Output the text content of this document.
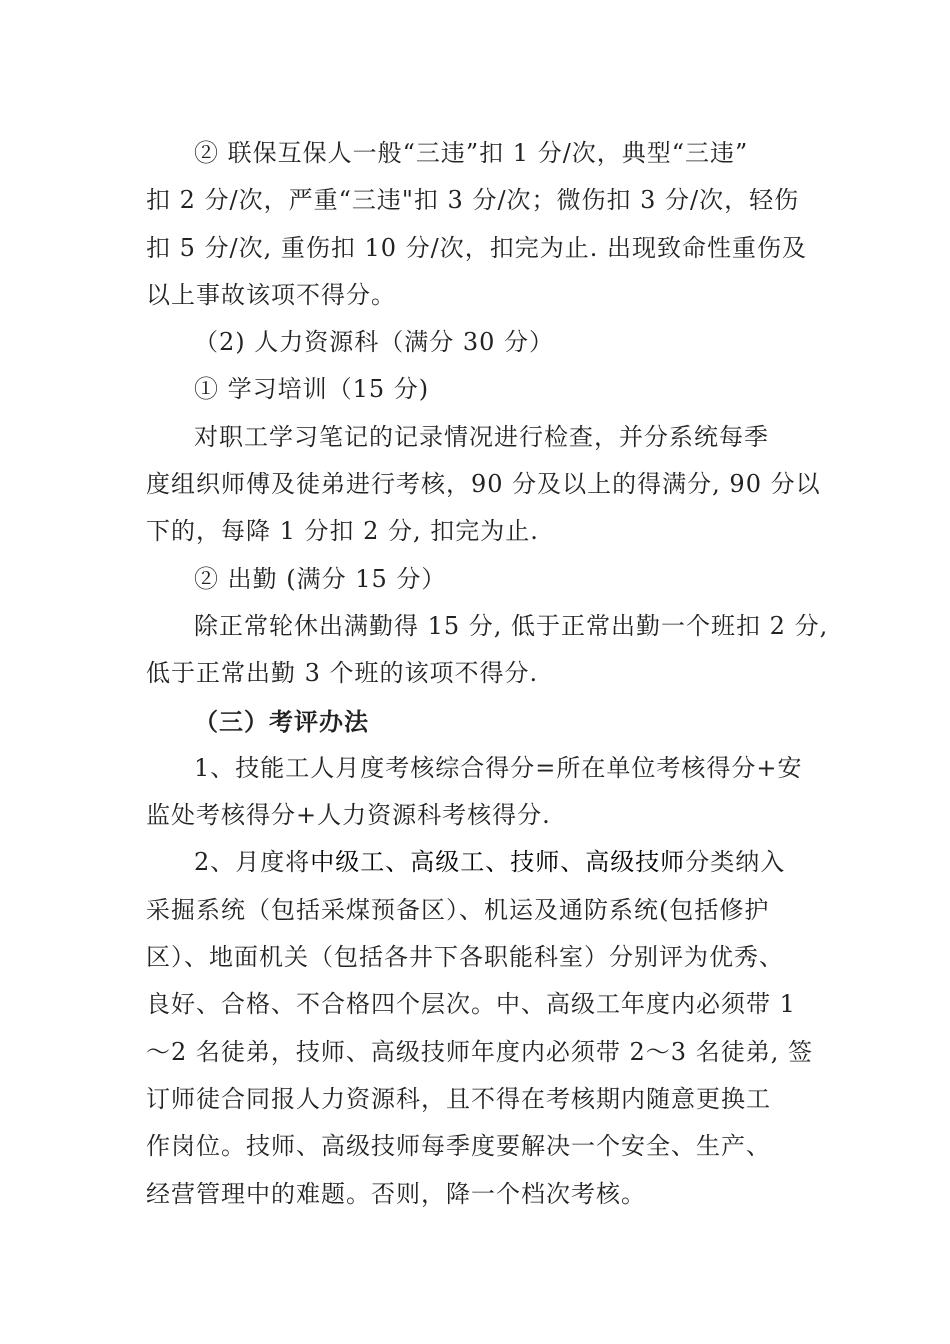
② 联保互保人一般“三违”扣 1 分/次，典型“三违”
扣 2 分/次，严重“三违"扣 3 分/次；微伤扣 3 分/次，轻伤
扣 5 分/次, 重伤扣 10 分/次，扣完为止. 出现致命性重伤及
以上事故该项不得分。
（2) 人力资源科（满分 30 分）
① 学习培训（15 分)
对职工学习笔记的记录情况进行检查，并分系统每季
度组织师傅及徒弟进行考核，90 分及以上的得满分, 90 分以
下的，每降 1 分扣 2 分, 扣完为止.
② 出勤 (满分 15 分）
除正常轮休出满勤得 15 分, 低于正常出勤一个班扣 2 分,
低于正常出勤 3 个班的该项不得分.
（三）考评办法
1、技能工人月度考核综合得分=所在单位考核得分+安
监处考核得分+人力资源科考核得分.
2、月度将中级工、高级工、技师、高级技师分类纳入
采掘系统（包括采煤预备区）、机运及通防系统(包括修护
区）、地面机关（包括各井下各职能科室）分别评为优秀、
良好、合格、不合格四个层次。中、高级工年度内必须带 1
～2 名徒弟，技师、高级技师年度内必须带 2～3 名徒弟, 签
订师徒合同报人力资源科，且不得在考核期内随意更换工
作岗位。技师、高级技师每季度要解决一个安全、生产、
经营管理中的难题。否则，降一个档次考核。
